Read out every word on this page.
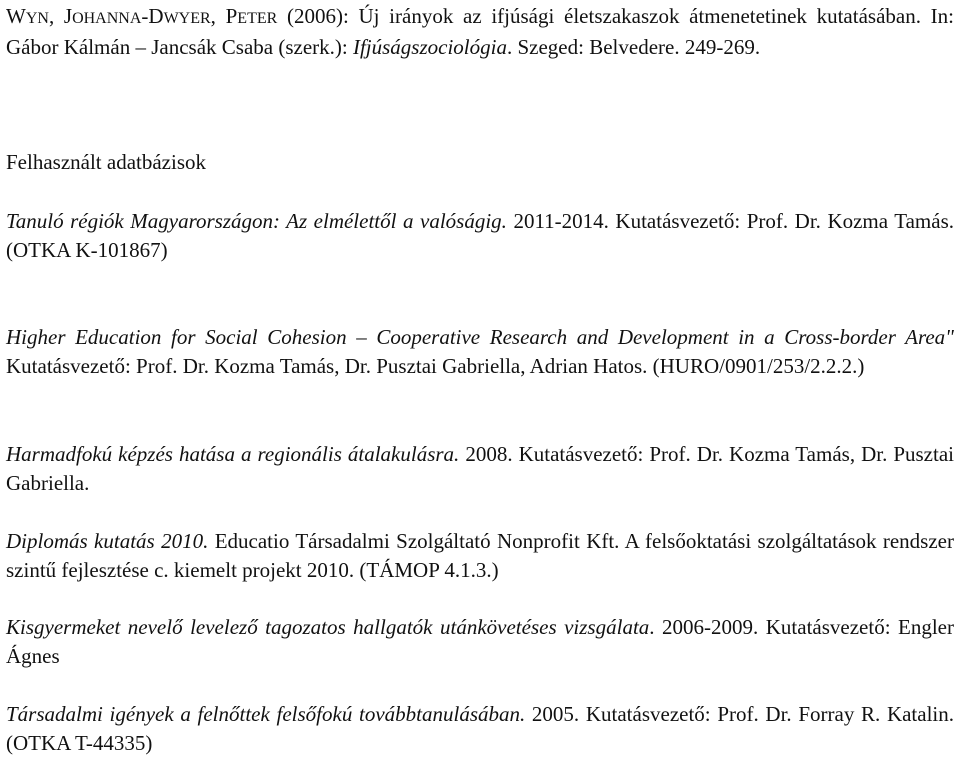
WYN, JOHANNA-DWYER, PETER (2006): Új irányok az ifjúsági életszakaszok átmenetetinek kutatásában. In: Gábor Kálmán – Jancsák Csaba (szerk.): Ifjúságszociológia. Szeged: Belvedere. 249-269.

Felhasznált adatbázisok

Tanuló régiók Magyarországon: Az elmélettől a valóságig. 2011-2014. Kutatásvezető: Prof. Dr. Kozma Tamás. (OTKA K-101867)

Higher Education for Social Cohesion – Cooperative Research and Development in a Cross-border Area" Kutatásvezető: Prof. Dr. Kozma Tamás, Dr. Pusztai Gabriella, Adrian Hatos. (HURO/0901/253/2.2.2.)

Harmadfokú képzés hatása a regionális átalakulásra. 2008. Kutatásvezető: Prof. Dr. Kozma Tamás, Dr. Pusztai Gabriella.

Diplomás kutatás 2010. Educatio Társadalmi Szolgáltató Nonprofit Kft. A felsőoktatási szolgáltatások rendszer szintű fejlesztése c. kiemelt projekt 2010. (TÁMOP 4.1.3.)

Kisgyermeket nevelő levelező tagozatos hallgatók utánkövetéses vizsgálata. 2006-2009. Kutatásvezető: Engler Ágnes

Társadalmi igények a felnőttek felsőfokú továbbtanulásában. 2005. Kutatásvezető: Prof. Dr. Forray R. Katalin. (OTKA T-44335)
